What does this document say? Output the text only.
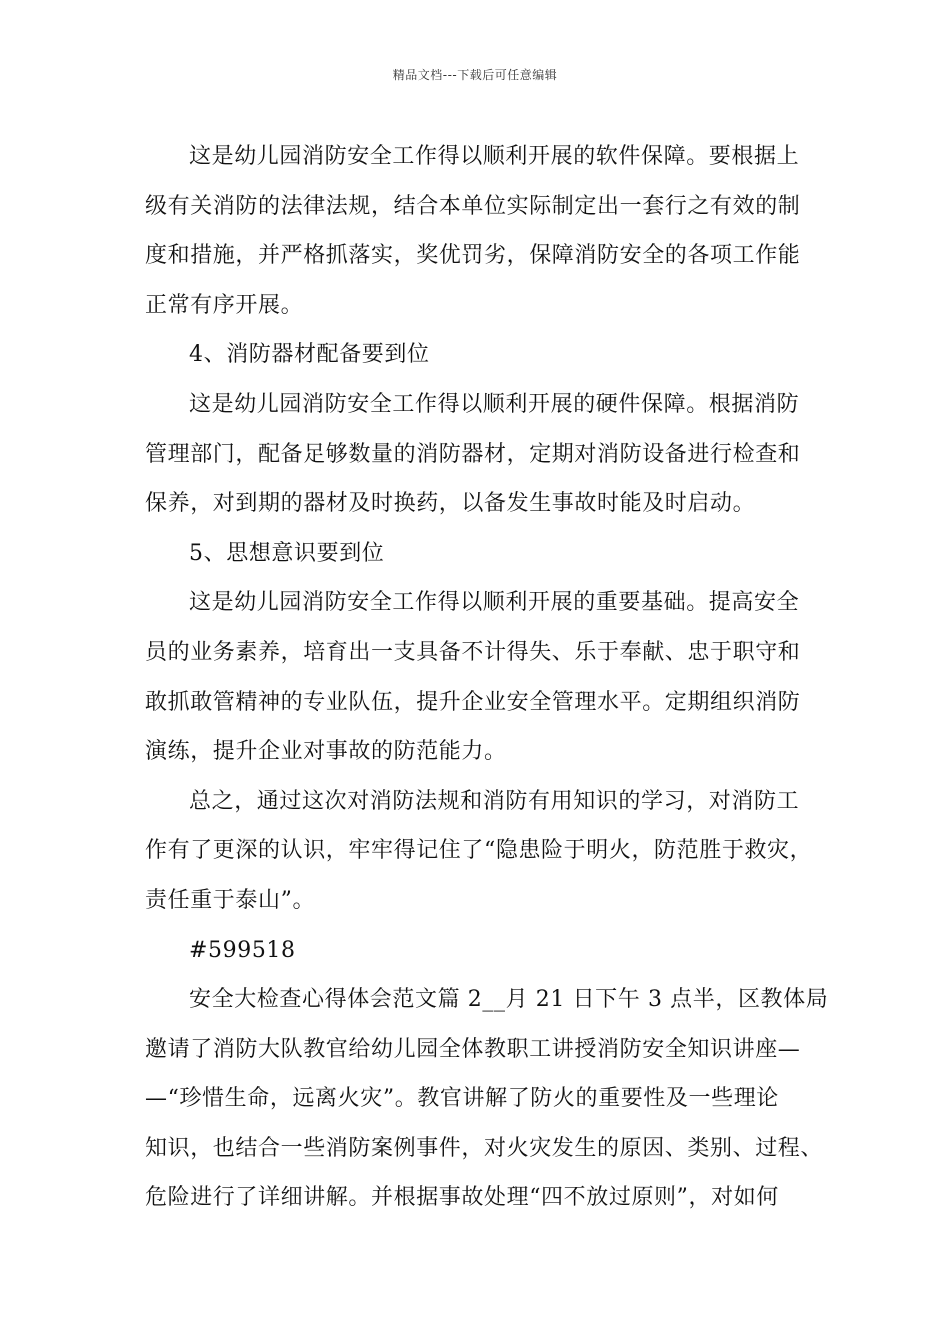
精品文档---下载后可任意编辑
这是幼儿园消防安全工作得以顺利开展的软件保障。要根据上
级有关消防的法律法规，结合本单位实际制定出一套行之有效的制
度和措施，并严格抓落实，奖优罚劣，保障消防安全的各项工作能
正常有序开展。
4、消防器材配备要到位
这是幼儿园消防安全工作得以顺利开展的硬件保障。根据消防
管理部门，配备足够数量的消防器材，定期对消防设备进行检查和
保养，对到期的器材及时换药，以备发生事故时能及时启动。
5、思想意识要到位
这是幼儿园消防安全工作得以顺利开展的重要基础。提高安全
员的业务素养，培育出一支具备不计得失、乐于奉献、忠于职守和
敢抓敢管精神的专业队伍，提升企业安全管理水平。定期组织消防
演练，提升企业对事故的防范能力。
总之，通过这次对消防法规和消防有用知识的学习，对消防工
作有了更深的认识，牢牢得记住了“隐患险于明火，防范胜于救灾，
责任重于泰山”。
#599518
安全大检查心得体会范文篇 2__月 21 日下午 3 点半，区教体局
邀请了消防大队教官给幼儿园全体教职工讲授消防安全知识讲座—
—“珍惜生命，远离火灾”。教官讲解了防火的重要性及一些理论
知识，也结合一些消防案例事件，对火灾发生的原因、类别、过程、
危险进行了详细讲解。并根据事故处理“四不放过原则”，对如何
